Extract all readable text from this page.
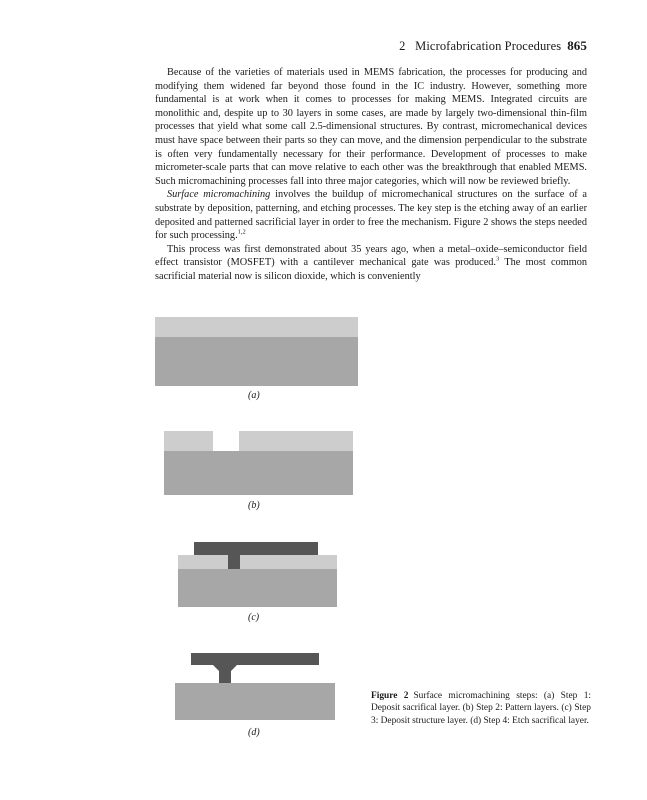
2   Microfabrication Procedures 865

Because of the varieties of materials used in MEMS fabrication, the processes for producing and modifying them widened far beyond those found in the IC industry. However, something more fundamental is at work when it comes to processes for making MEMS. Integrated circuits are monolithic and, despite up to 30 layers in some cases, are made by largely two-dimensional thin-film processes that yield what some call 2.5-dimensional structures. By contrast, micromechanical devices must have space between their parts so they can move, and the dimension perpendicular to the substrate is often very fundamentally necessary for their performance. Development of processes to make micrometer-scale parts that can move relative to each other was the breakthrough that enabled MEMS. Such micromachining processes fall into three major categories, which will now be reviewed briefly.

Surface micromachining involves the buildup of micromechanical structures on the surface of a substrate by deposition, patterning, and etching processes. The key step is the etching away of an earlier deposited and patterned sacrificial layer in order to free the mechanism. Figure 2 shows the steps needed for such processing.$^{1,2}$

This process was first demonstrated about 35 years ago, when a metal–oxide–semiconductor field effect transistor (MOSFET) with a cantilever mechanical gate was produced.$^3$ The most common sacrificial material now is silicon dioxide, which is conveniently

(a)
(b)
(c)
(d)

Figure 2 Surface micromachining steps: (a) Step 1: Deposit sacrifical layer. (b) Step 2: Pattern layers. (c) Step 3: Deposit structure layer. (d) Step 4: Etch sacrifical layer.
